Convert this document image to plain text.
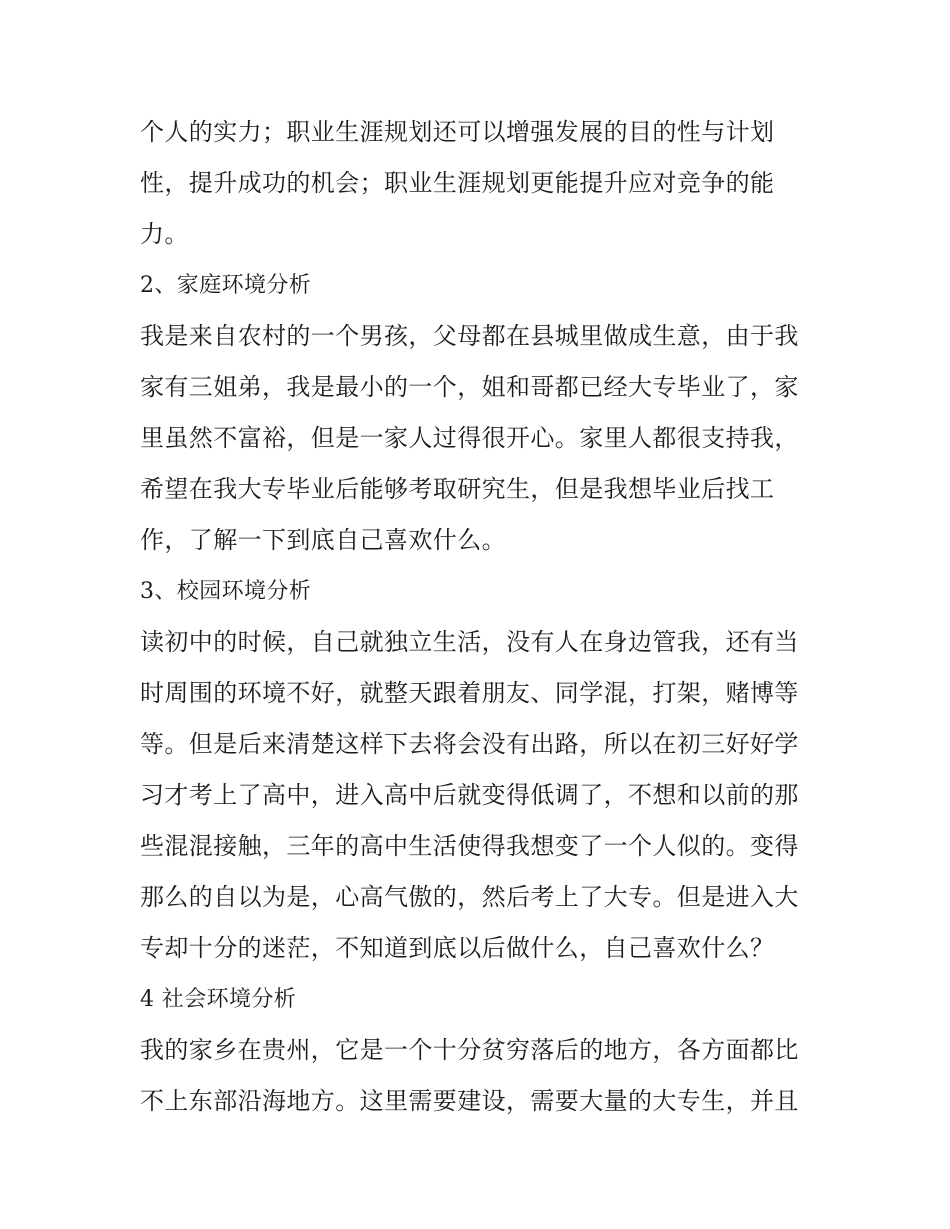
个人的实力；职业生涯规划还可以增强发展的目的性与计划
性，提升成功的机会；职业生涯规划更能提升应对竞争的能
力。
2、家庭环境分析
我是来自农村的一个男孩，父母都在县城里做成生意，由于我
家有三姐弟，我是最小的一个，姐和哥都已经大专毕业了，家
里虽然不富裕，但是一家人过得很开心。家里人都很支持我，
希望在我大专毕业后能够考取研究生，但是我想毕业后找工
作，了解一下到底自己喜欢什么。
3、校园环境分析
读初中的时候，自己就独立生活，没有人在身边管我，还有当
时周围的环境不好，就整天跟着朋友、同学混，打架，赌博等
等。但是后来清楚这样下去将会没有出路，所以在初三好好学
习才考上了高中，进入高中后就变得低调了，不想和以前的那
些混混接触，三年的高中生活使得我想变了一个人似的。变得
那么的自以为是，心高气傲的，然后考上了大专。但是进入大
专却十分的迷茫，不知道到底以后做什么，自己喜欢什么？
4 社会环境分析
我的家乡在贵州，它是一个十分贫穷落后的地方，各方面都比
不上东部沿海地方。这里需要建设，需要大量的大专生，并且
